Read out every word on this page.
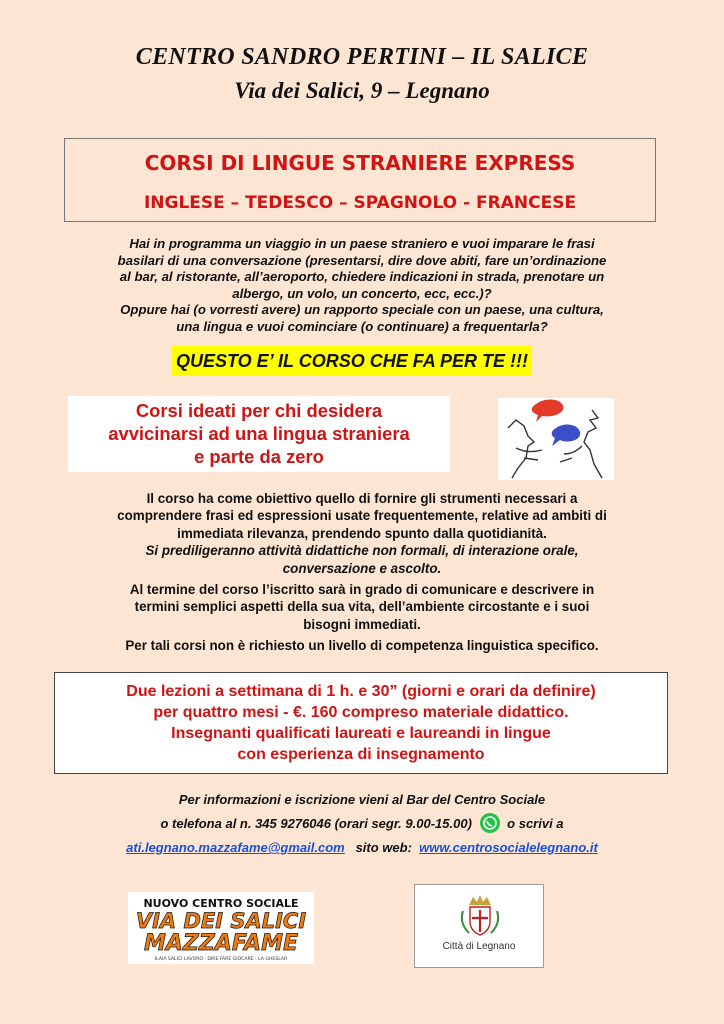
CENTRO SANDRO PERTINI – IL SALICE
Via dei Salici, 9 – Legnano
CORSI DI LINGUE STRANIERE EXPRESS
INGLESE – TEDESCO – SPAGNOLO - FRANCESE
Hai in programma un viaggio in un paese straniero e vuoi imparare le frasi
basilari di una conversazione (presentarsi, dire dove abiti, fare un’ordinazione
al bar, al ristorante, all’aeroporto, chiedere indicazioni in strada, prenotare un
albergo, un volo, un concerto, ecc, ecc.)?
Oppure hai (o vorresti avere) un rapporto speciale con un paese, una cultura,
una lingua e vuoi cominciare (o continuare) a frequentarla?
QUESTO E’ IL CORSO CHE FA PER TE !!!
Corsi ideati per chi desidera
avvicinarsi ad una lingua straniera
e parte da zero

Il corso ha come obiettivo quello di fornire gli strumenti necessari a

comprendere frasi ed espressioni usate frequentemente, relative ad ambiti di

immediata rilevanza, prendendo spunto dalla quotidianità.

Si prediligeranno attività didattiche non formali, di interazione orale,

conversazione e ascolto.

Al termine del corso l’iscritto sarà in grado di comunicare e descrivere in

termini semplici aspetti della sua vita, dell’ambiente circostante e i suoi

bisogni immediati.

Per tali corsi non è richiesto un livello di competenza linguistica specifico.

Due lezioni a settimana di 1 h. e 30” (giorni e orari da definire)
per quattro mesi - €. 160 compreso materiale didattico.
Insegnanti qualificati laureati e laureandi in lingue
con esperienza di insegnamento
Per informazioni e iscrizione vieni al Bar del Centro Sociale
o telefona al n. 345 9276046 (orari segr. 9.00-15.00)	o scrivi a
ati.legnano.mazzafame@gmail.com sito web: www.centrosocialelegnano.it
NUOVO CENTRO SOCIALE
VIA DEI SALICI
MAZZAFAME
ILAIA SALICI LAVORO · DIRE FARE GIOCARE · LA GHESLAR
Città di Legnano
